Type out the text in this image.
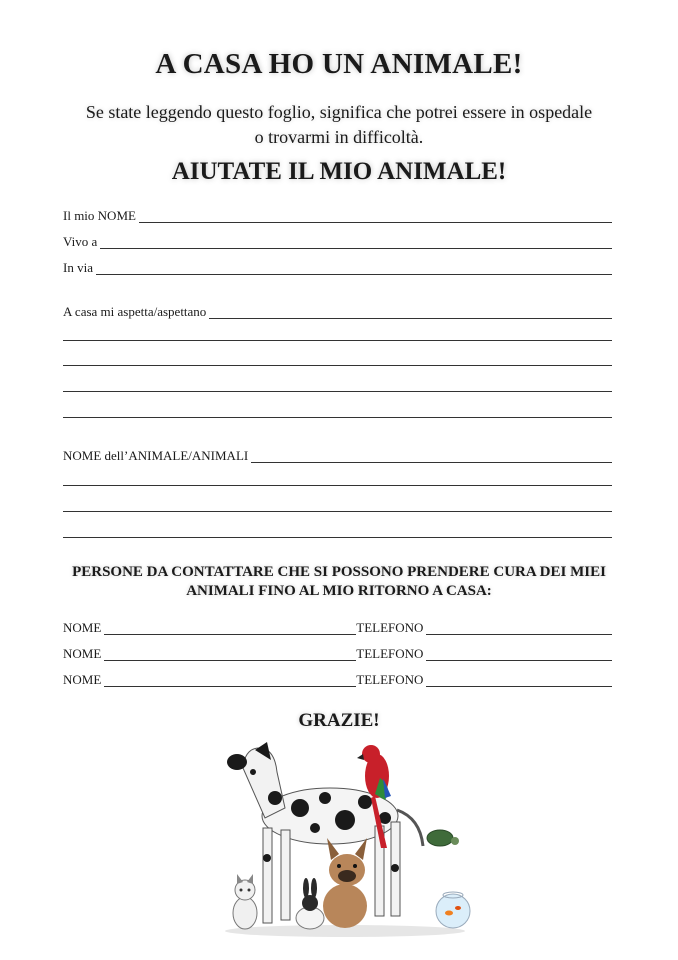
A CASA HO UN ANIMALE!
Se state leggendo questo foglio, significa che potrei essere in ospedale o trovarmi in difficoltà.
AIUTATE IL MIO ANIMALE!
Il mio NOME
Vivo a
In via
A casa mi aspetta/aspettano
NOME dell’ANIMALE/ANIMALI
PERSONE DA CONTATTARE CHE SI POSSONO PRENDERE CURA DEI MIEI ANIMALI FINO AL MIO RITORNO A CASA:
NOME	TELEFONO
NOME	TELEFONO
NOME	TELEFONO
GRAZIE!
